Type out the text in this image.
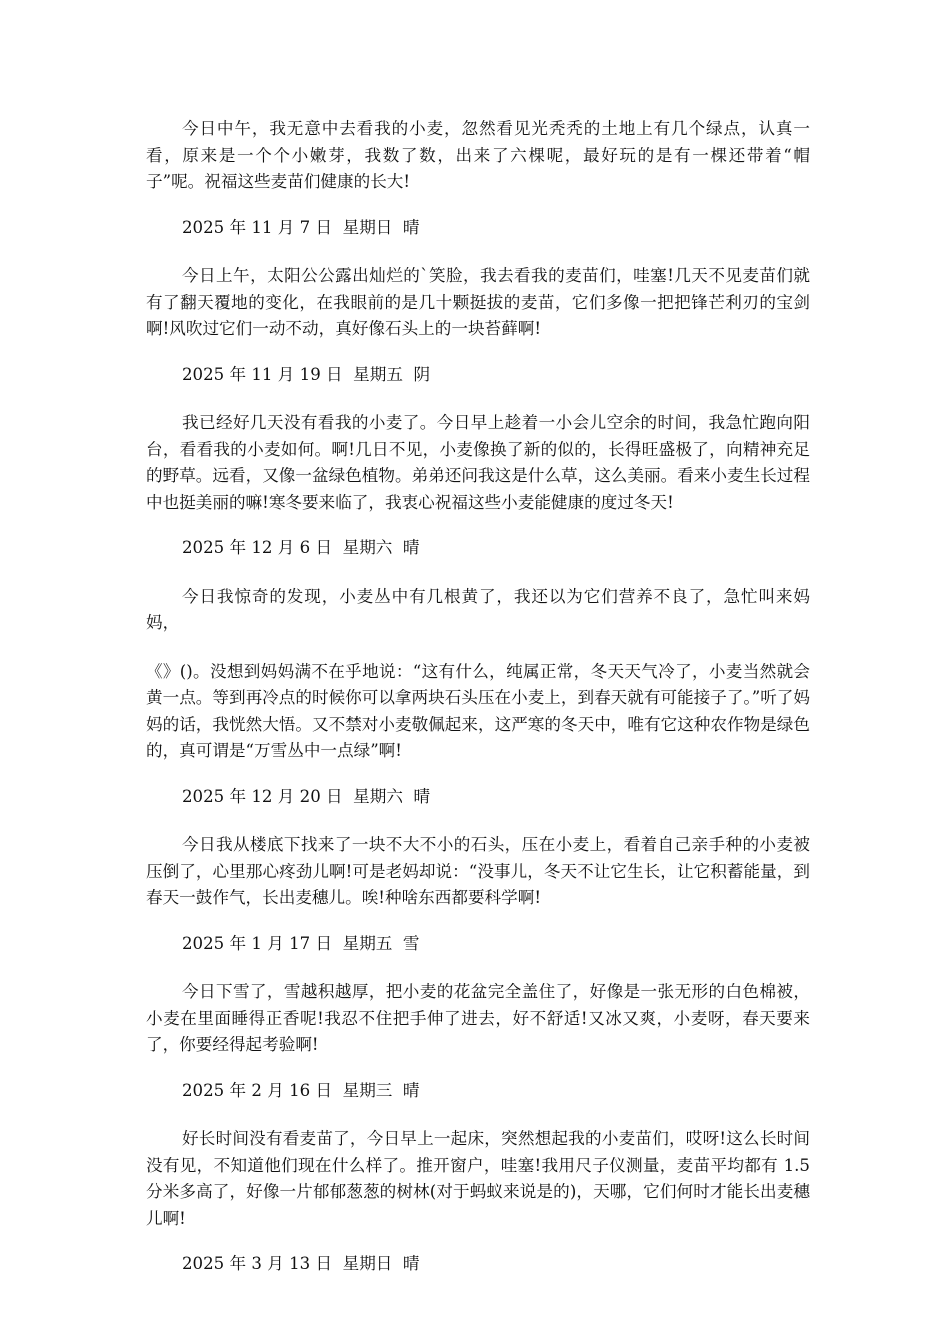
今日中午，我无意中去看我的小麦，忽然看见光秃秃的土地上有几个绿点，认真一看，原来是一个个小嫩芽，我数了数，出来了六棵呢，最好玩的是有一棵还带着“帽子”呢。祝福这些麦苗们健康的长大!

2025 年 11 月 7 日  星期日  晴

今日上午，太阳公公露出灿烂的`笑脸，我去看我的麦苗们，哇塞!几天不见麦苗们就有了翻天覆地的变化，在我眼前的是几十颗挺拔的麦苗，它们多像一把把锋芒利刃的宝剑啊!风吹过它们一动不动，真好像石头上的一块苔藓啊!

2025 年 11 月 19 日  星期五  阴

我已经好几天没有看我的小麦了。今日早上趁着一小会儿空余的时间，我急忙跑向阳台，看看我的小麦如何。啊!几日不见，小麦像换了新的似的，长得旺盛极了，向精神充足的野草。远看，又像一盆绿色植物。弟弟还问我这是什么草，这么美丽。看来小麦生长过程中也挺美丽的嘛!寒冬要来临了，我衷心祝福这些小麦能健康的度过冬天!

2025 年 12 月 6 日  星期六  晴

今日我惊奇的发现，小麦丛中有几根黄了，我还以为它们营养不良了，急忙叫来妈妈，

《》()。没想到妈妈满不在乎地说：“这有什么，纯属正常，冬天天气冷了，小麦当然就会黄一点。等到再冷点的时候你可以拿两块石头压在小麦上，到春天就有可能接子了。”听了妈妈的话，我恍然大悟。又不禁对小麦敬佩起来，这严寒的冬天中，唯有它这种农作物是绿色的，真可谓是“万雪丛中一点绿”啊!

2025 年 12 月 20 日  星期六  晴

今日我从楼底下找来了一块不大不小的石头，压在小麦上，看着自己亲手种的小麦被压倒了，心里那心疼劲儿啊!可是老妈却说：“没事儿，冬天不让它生长，让它积蓄能量，到春天一鼓作气，长出麦穗儿。唉!种啥东西都要科学啊!

2025 年 1 月 17 日  星期五  雪

今日下雪了，雪越积越厚，把小麦的花盆完全盖住了，好像是一张无形的白色棉被，小麦在里面睡得正香呢!我忍不住把手伸了进去，好不舒适!又冰又爽，小麦呀，春天要来了，你要经得起考验啊!

2025 年 2 月 16 日  星期三  晴

好长时间没有看麦苗了，今日早上一起床，突然想起我的小麦苗们，哎呀!这么长时间没有见，不知道他们现在什么样了。推开窗户，哇塞!我用尺子仪测量，麦苗平均都有 1.5 分米多高了，好像一片郁郁葱葱的树林(对于蚂蚁来说是的)，天哪，它们何时才能长出麦穗儿啊!

2025 年 3 月 13 日  星期日  晴
